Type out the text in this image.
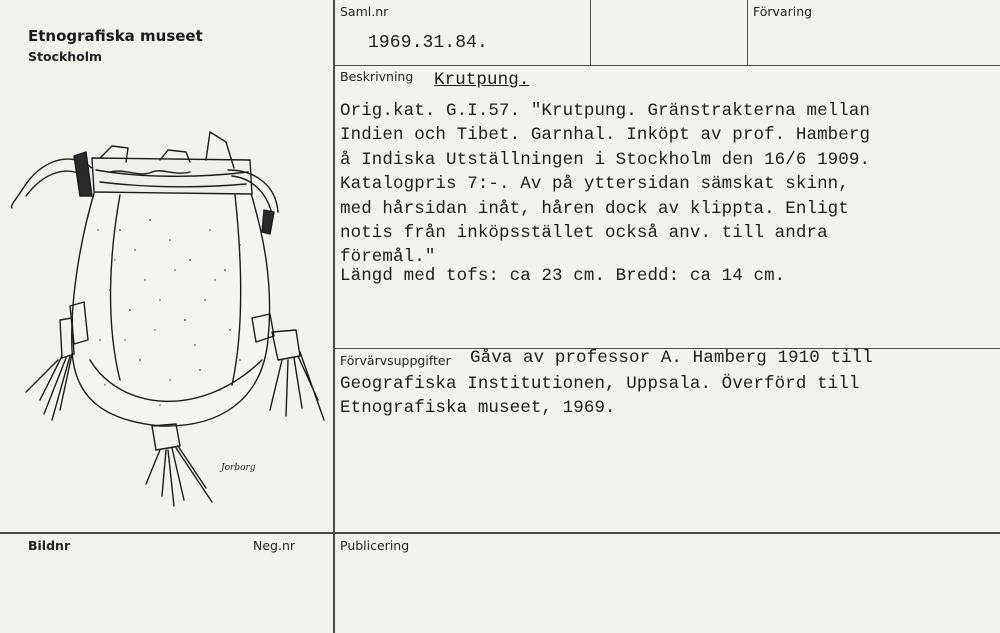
Etnografiska museet
Stockholm
Saml.nr
1969.31.84.
Förvaring
Beskrivning Krutpung.
Orig.kat. G.I.57. "Krutpung. Gränstrakterna mellan
Indien och Tibet. Garnhal. Inköpt av prof. Hamberg
å Indiska Utställningen i Stockholm den 16/6 1909.
Katalogpris 7:-. Av på yttersidan sämskat skinn,
med hårsidan inåt, håren dock av klippta. Enligt
notis från inköpsstället också anv. till andra
föremål."
Längd med tofs: ca 23 cm. Bredd: ca 14 cm.
Förvärvsuppgifter Gåva av professor A. Hamberg 1910 till
Geografiska Institutionen, Uppsala. Överförd till
Etnografiska museet, 1969.
Bildnr	Neg.nr	Publicering
Jorborg
